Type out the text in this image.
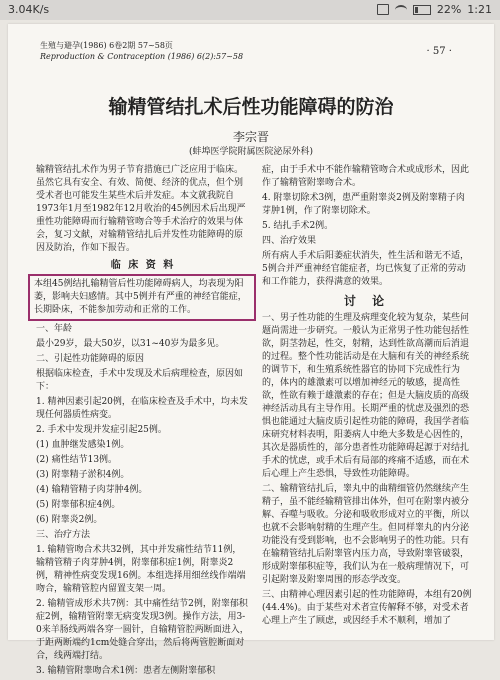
3.04K/s	22% 1:21
生殖与避孕(1986) 6卷2期 57~58页
Reproduction & Contraception (1986) 6(2):57~58	· 57 ·
输精管结扎术后性功能障碍的防治
李宗晋
(蚌埠医学院附属医院泌尿外科)

输精管结扎术作为男子节育措施已广泛应用于临床。虽然它具有安全、有效、简便、经济的优点，但个别受术者也可能发生某些术后并发症。本文就我院自1973年1月至1982年12月收治的45例因术后出现严重性功能障碍而行输精管吻合等手术治疗的效果与体会，复习文献，对输精管结扎后并发性功能障碍的原因及防治，作如下报告。

临 床 资 料

本组45例结扎输精管后性功能障碍病人，均表现为阳萎，影响夫妇感情。其中5例并有严重的神经官能症，长期卧床，不能参加劳动和正常的工作。

一、年龄

最小29岁，最大50岁，以31~40岁为最多见。

二、引起性功能障碍的原因

根据临床检查，手术中发现及术后病理检查，原因如下：

1. 精神因素引起20例，在临床检查及手术中，均未发现任何器质性病变。

2. 手术中发现并发症引起25例。

(1) 血肿继发感染1例。

(2) 痛性结节13例。

(3) 附睾精子淤积4例。

(4) 输精管精子肉芽肿4例。

(5) 附睾郁积症4例。

(6) 附睾炎2例。

三、治疗方法

1. 输精管吻合术共32例，其中并发痛性结节11例，输精管精子肉芽肿4例，附睾郁积症1例，附睾炎2例，精神性病变发现16例。本组选择用细丝线作端端吻合，输精管腔内留置支架一周。

2. 输精管成形术共7例：其中痛性结节2例，附睾郁积症2例，输精管附睾无病变发现3例。操作方法，用3-0来羊肠线两端各穿一圆针，自输精管腔两断面进入，于距两断端约1cm处缝合穿出，然后将两管腔断面对合，线两端打结。

3. 输精管附睾吻合术1例：患者左侧附睾郁积

症，由于手术中不能作输精管吻合术或成形术，因此作了输精管附睾吻合术。

4. 附睾切除术3例，患严重附睾炎2例及附睾精子肉芽肿1例，作了附睾切除术。

5. 结扎手术2例。

四、治疗效果

所有病人手术后阳萎症状消失，性生活和谐无不适，5例合并严重神经官能症者，均已恢复了正常的劳动和工作能力，获得满意的效果。

讨 论

一、男子性功能的生理及病理变化较为复杂，某些问题尚需进一步研究。一般认为正常男子性功能包括性欲，阴茎勃起，性交，射精，达到性欲高潮而后消退的过程。整个性功能活动是在大脑和有关的神经系统的调节下，和生殖系统性器官的协同下完成性行为的，体内的雄激素可以增加神经元的敏感，提高性欲，性欲有赖于雄激素的存在；但是大脑皮质的高级神经活动具有主导作用。长期严重的忧虑及强烈的恐惧也能通过大脑皮质引起性功能的障碍，我国学者临床研究材料表明，阳萎病人中绝大多数是心因性的，其次是器质性的，部分患者性功能障碍起源于对结扎手术的忧虑，或手术后有局部的疼痛不适感，而在术后心理上产生恐惧，导致性功能障碍。

二、输精管结扎后，睾丸中的曲精细管仍然继续产生精子，虽不能经输精管排出体外，但可在附睾内被分解、吞噬与吸收。分泌和吸收形成对立的平衡，所以也就不会影响射精的生理产生。但同样睾丸的内分泌功能没有受到影响，也不会影响男子的性功能。只有在输精管结扎后附睾管内压力高，导致附睾管破裂，形成附睾郁积症等，我们认为在一般病理情况下，可引起附睾及附睾周围的形态学改变。

三、由精神心理因素引起的性功能障碍，本组有20例(44.4%)。由于某些对术者宣传解释不够，对受术者心理上产生了顾虑，或因经手术不顺利，增加了
